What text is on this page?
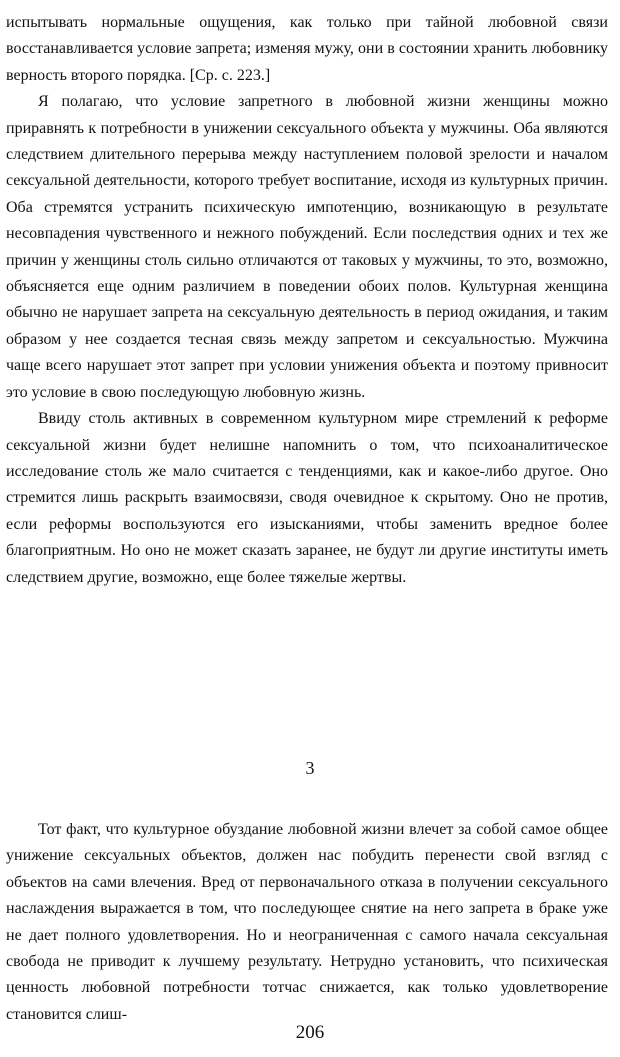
испытывать нормальные ощущения, как только при тайной любовной связи восстанавливается условие запрета; изменяя мужу, они в состоянии хранить любовнику верность второго порядка. [Ср. с. 223.]

Я полагаю, что условие запретного в любовной жизни женщины можно приравнять к потребности в унижении сексуального объекта у мужчины. Оба являются следствием длительного перерыва между наступлением половой зрелости и началом сексуальной деятельности, которого требует воспитание, исходя из культурных причин. Оба стремятся устранить психическую импотенцию, возникающую в результате несовпадения чувственного и нежного побуждений. Если последствия одних и тех же причин у женщины столь сильно отличаются от таковых у мужчины, то это, возможно, объясняется еще одним различием в поведении обоих полов. Культурная женщина обычно не нарушает запрета на сексуальную деятельность в период ожидания, и таким образом у нее создается тесная связь между запретом и сексуальностью. Мужчина чаще всего нарушает этот запрет при условии унижения объекта и поэтому привносит это условие в свою последующую любовную жизнь.

Ввиду столь активных в современном культурном мире стремлений к реформе сексуальной жизни будет нелишне напомнить о том, что психоаналитическое исследование столь же мало считается с тенденциями, как и какое-либо другое. Оно стремится лишь раскрыть взаимосвязи, сводя очевидное к скрытому. Оно не против, если реформы воспользуются его изысканиями, чтобы заменить вредное более благоприятным. Но оно не может сказать заранее, не будут ли другие институты иметь следствием другие, возможно, еще более тяжелые жертвы.

3

Тот факт, что культурное обуздание любовной жизни влечет за собой самое общее унижение сексуальных объектов, должен нас побудить перенести свой взгляд с объектов на сами влечения. Вред от первоначального отказа в получении сексуального наслаждения выражается в том, что последующее снятие на него запрета в браке уже не дает полного удовлетворения. Но и неограниченная с самого начала сексуальная свобода не приводит к лучшему результату. Нетрудно установить, что психическая ценность любовной потребности тотчас снижается, как только удовлетворение становится слиш-

206
